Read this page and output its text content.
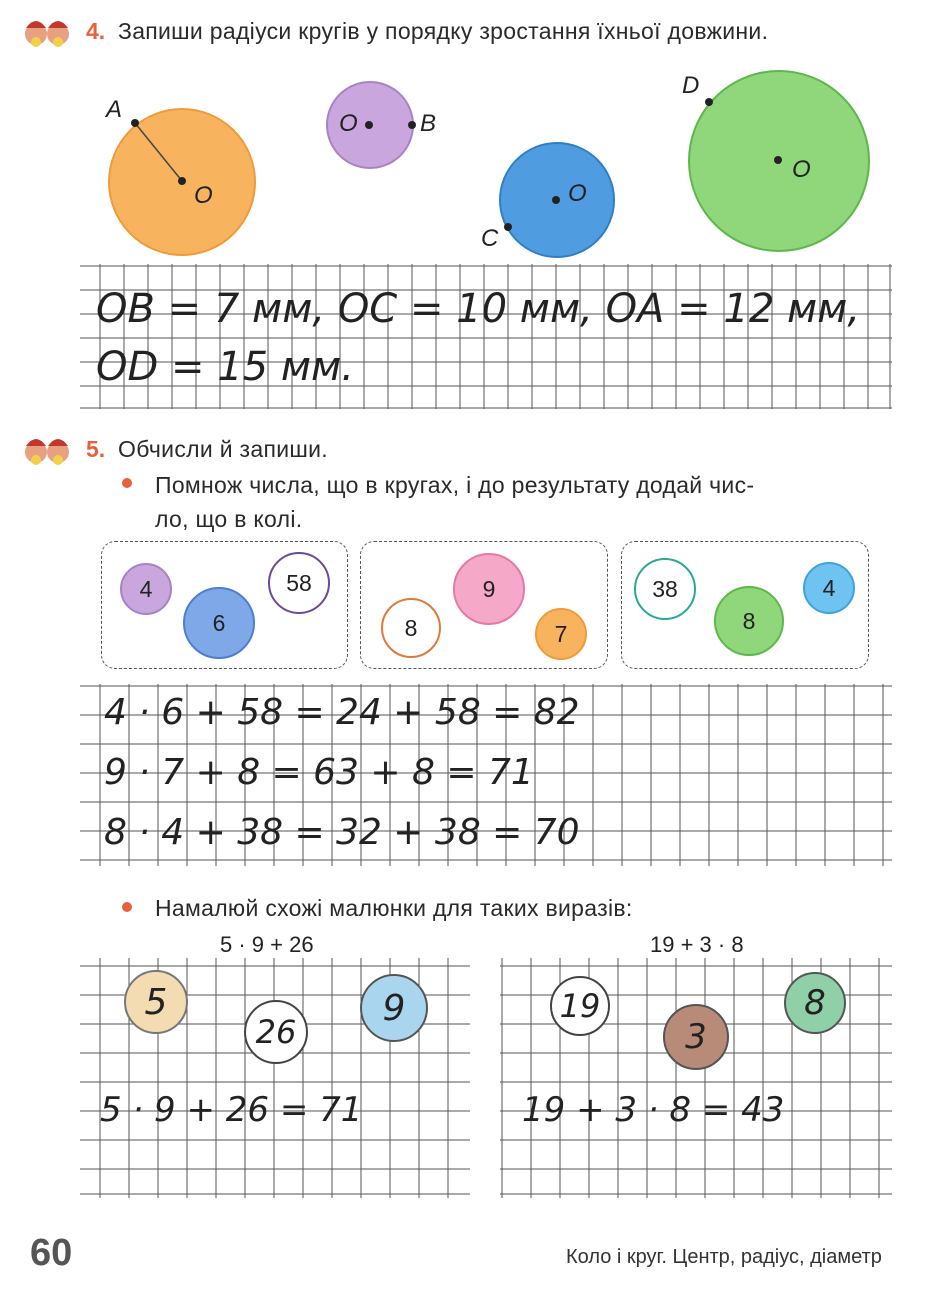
4. Запиши радіуси кругів у порядку зростання їхньої довжини.
A
O
O	B
O
C
O
D
OB = 7 мм, OC = 10 мм, OA = 12 мм,
OD = 15 мм.
5. Обчисли й запиши.
Помнож числа, що в кругах, і до результату додай чис-
ло, що в колі.
4
6
58	9
8	7
38
8
4
4 · 6 + 58 = 24 + 58 = 82
9 · 7 + 8 = 63 + 8 = 71
8 · 4 + 38 = 32 + 38 = 70
Намалюй схожі малюнки для таких виразів:
5 · 9 + 26	19 + 3 · 8
5
26
9
5 · 9 + 26 = 71
19
3
8
19 + 3 · 8 = 43
60	Коло і круг. Центр, радіус, діаметр
